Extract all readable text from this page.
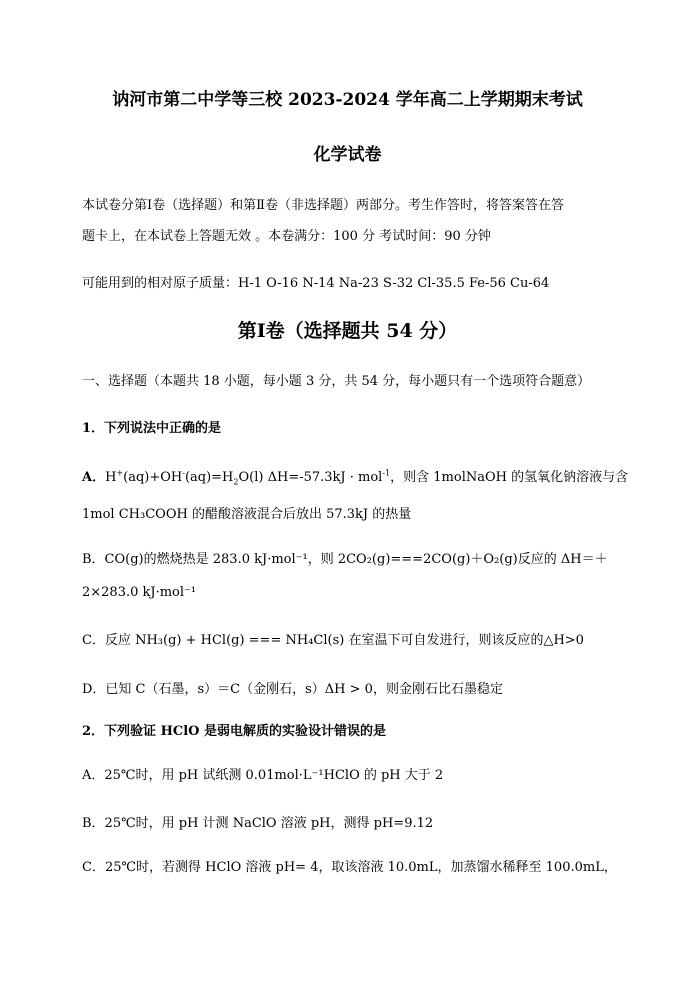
讷河市第二中学等三校 2023-2024 学年高二上学期期末考试
化学试卷
本试卷分第Ⅰ卷（选择题）和第Ⅱ卷（非选择题）两部分。考生作答时，将答案答在答
题卡上，在本试卷上答题无效 。本卷满分：100 分 考试时间：90 分钟
可能用到的相对原子质量：H-1 O-16 N-14 Na-23 S-32 Cl-35.5 Fe-56 Cu-64
第Ⅰ卷（选择题共 54 分）
一、选择题（本题共 18 小题，每小题 3 分，共 54 分，每小题只有一个选项符合题意）
1．下列说法中正确的是
A．$H^+(aq)+OH^-(aq)=H_2O(l) \Delta H=-57.3kJ \cdot mol^{-1}$，则含 1molNaOH 的氢氧化钠溶液与含
1mol CH₃COOH 的醋酸溶液混合后放出 57.3kJ 的热量
B．CO(g)的燃烧热是 283.0 kJ·mol⁻¹，则 2CO₂(g)===2CO(g)＋O₂(g)反应的 ΔH＝＋
2×283.0 kJ·mol⁻¹
C．反应 NH₃(g) + HCl(g) === NH₄Cl(s) 在室温下可自发进行，则该反应的△H>0
D．已知 C（石墨，s）＝C（金刚石，s）ΔH > 0，则金刚石比石墨稳定
2．下列验证 HClO 是弱电解质的实验设计错误的是
A．25℃时，用 pH 试纸测 0.01mol·L⁻¹HClO 的 pH 大于 2
B．25℃时，用 pH 计测 NaClO 溶液 pH，测得 pH=9.12
C．25℃时，若测得 HClO 溶液 pH= 4，取该溶液 10.0mL，加蒸馏水稀释至 100.0mL，
